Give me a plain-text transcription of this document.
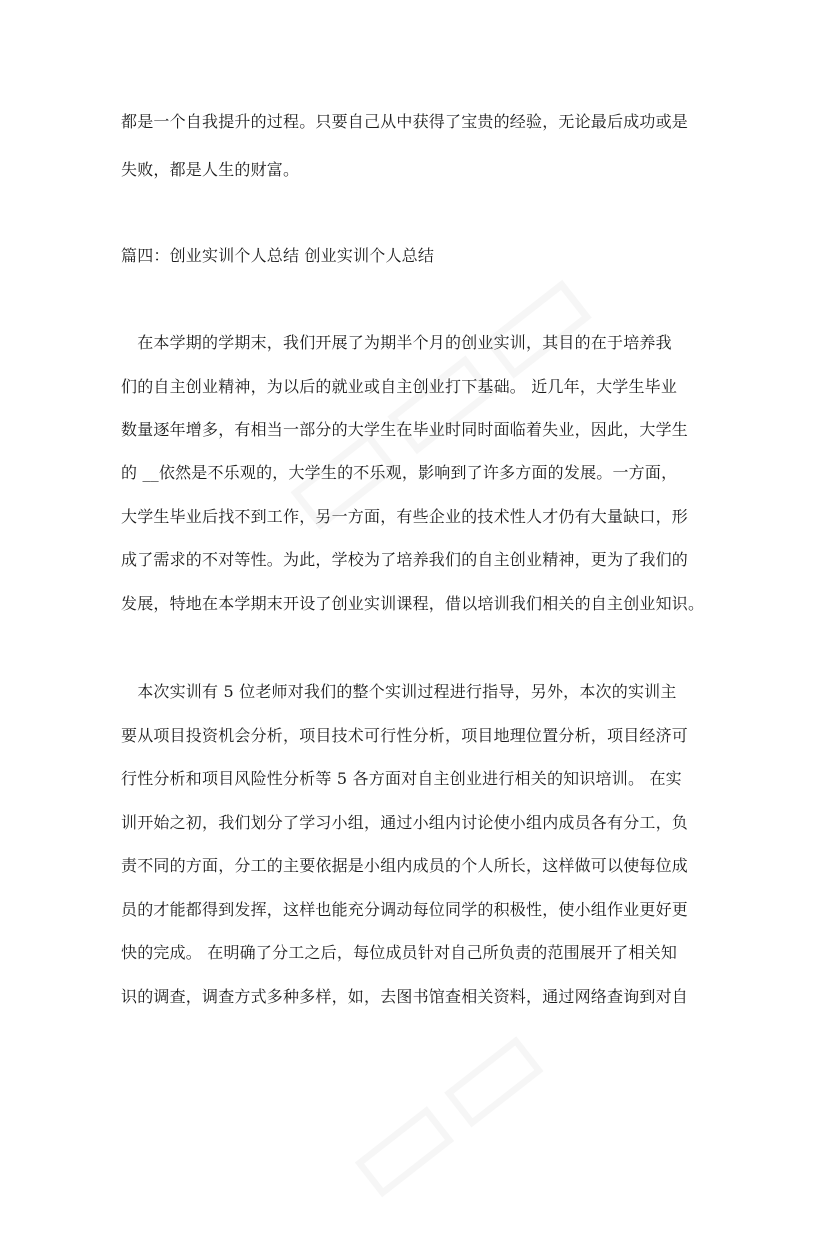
都是一个自我提升的过程。只要自己从中获得了宝贵的经验，无论最后成功或是
失败，都是人生的财富。
篇四：创业实训个人总结 创业实训个人总结
　在本学期的学期末，我们开展了为期半个月的创业实训，其目的在于培养我
们的自主创业精神，为以后的就业或自主创业打下基础。 近几年，大学生毕业
数量逐年增多，有相当一部分的大学生在毕业时同时面临着失业，因此，大学生
的 __依然是不乐观的，大学生的不乐观，影响到了许多方面的发展。一方面，
大学生毕业后找不到工作，另一方面，有些企业的技术性人才仍有大量缺口，形
成了需求的不对等性。为此，学校为了培养我们的自主创业精神，更为了我们的
发展，特地在本学期末开设了创业实训课程，借以培训我们相关的自主创业知识。
　本次实训有 5 位老师对我们的整个实训过程进行指导，另外，本次的实训主
要从项目投资机会分析，项目技术可行性分析，项目地理位置分析，项目经济可
行性分析和项目风险性分析等 5 各方面对自主创业进行相关的知识培训。 在实
训开始之初，我们划分了学习小组，通过小组内讨论使小组内成员各有分工，负
责不同的方面，分工的主要依据是小组内成员的个人所长，这样做可以使每位成
员的才能都得到发挥，这样也能充分调动每位同学的积极性，使小组作业更好更
快的完成。 在明确了分工之后，每位成员针对自己所负责的范围展开了相关知
识的调查，调查方式多种多样，如，去图书馆查相关资料，通过网络查询到对自
